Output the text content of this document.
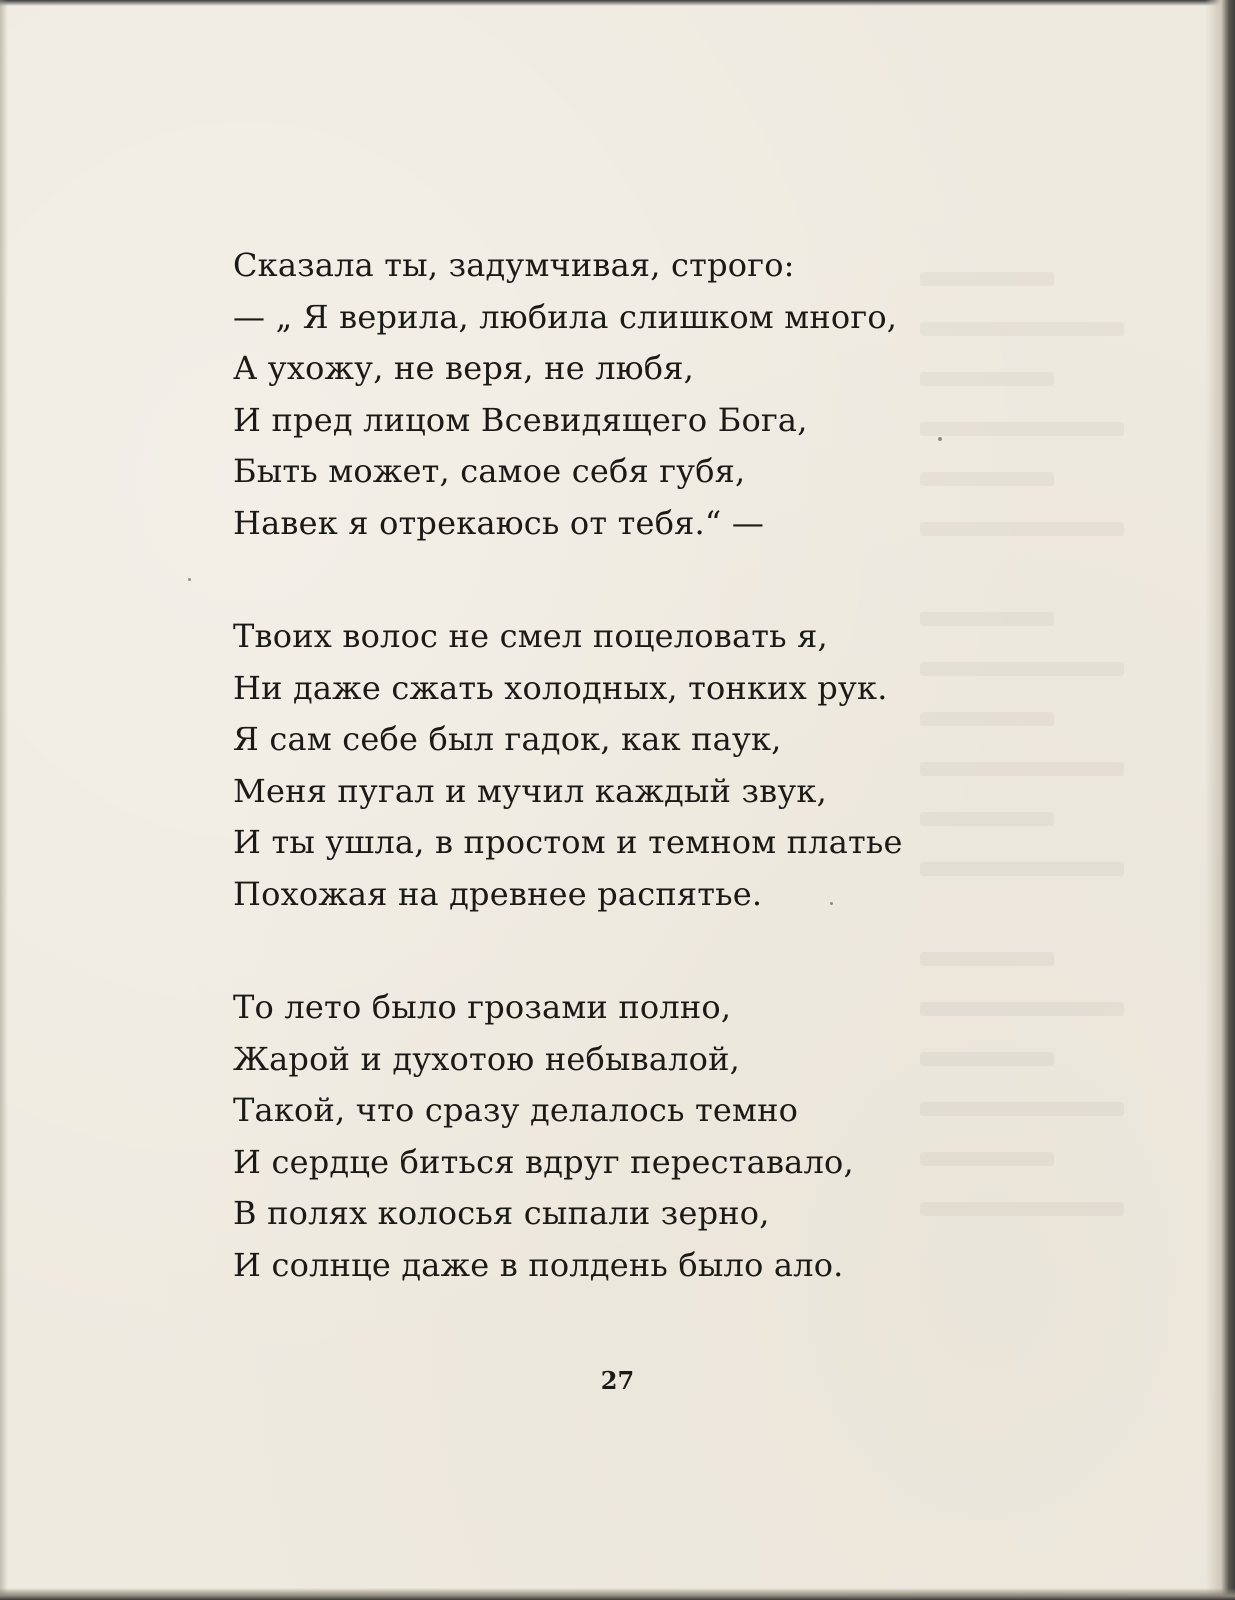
Сказала ты, задумчивая, строго:
— „ Я верила, любила слишком много,
А ухожу, не веря, не любя,
И пред лицом Всевидящего Бога,
Быть может, самое себя губя,
Навек я отрекаюсь от тебя.“ —
Твоих волос не смел поцеловать я,
Ни даже сжать холодных, тонких рук.
Я сам себе был гадок, как паук,
Меня пугал и мучил каждый звук,
И ты ушла, в простом и темном платье
Похожая на древнее распятье.
То лето было грозами полно,
Жарой и духотою небывалой,
Такой, что сразу делалось темно
И сердце биться вдруг переставало,
В полях колосья сыпали зерно,
И солнце даже в полдень было ало.
27
